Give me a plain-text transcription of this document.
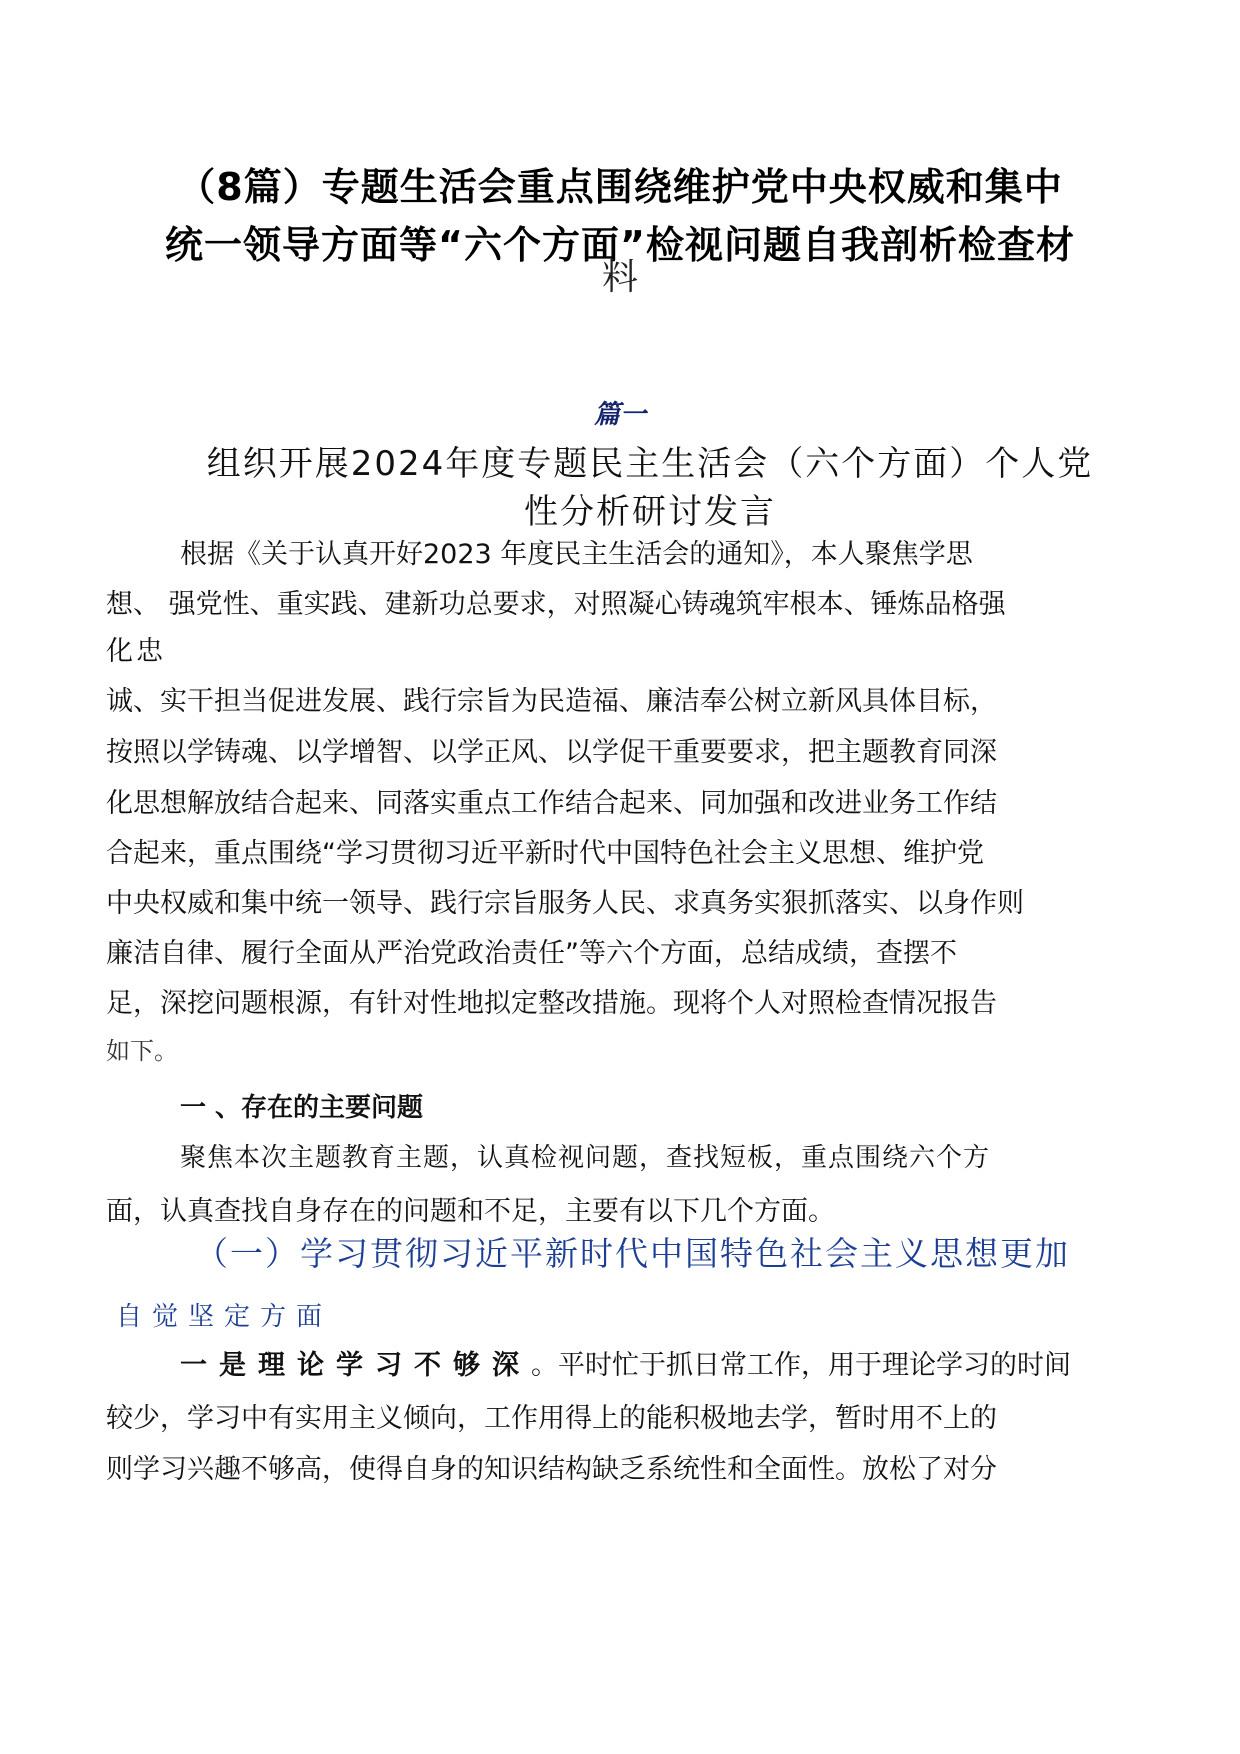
（8篇）专题生活会重点围绕维护党中央权威和集中
统一领导方面等“六个方面”检视问题自我剖析检查材
料
篇一
组织开展2024年度专题民主生活会（六个方面）个人党
性分析研讨发言
根据《关于认真开好2023 年度民主生活会的通知》，本人聚焦学思
想、 强党性、重实践、建新功总要求，对照凝心铸魂筑牢根本、锤炼品格强
化忠
诚、实干担当促进发展、践行宗旨为民造福、廉洁奉公树立新风具体目标，
按照以学铸魂、以学增智、以学正风、以学促干重要要求，把主题教育同深
化思想解放结合起来、同落实重点工作结合起来、同加强和改进业务工作结
合起来，重点围绕“学习贯彻习近平新时代中国特色社会主义思想、维护党
中央权威和集中统一领导、践行宗旨服务人民、求真务实狠抓落实、以身作则
廉洁自律、履行全面从严治党政治责任”等六个方面，总结成绩，查摆不
足，深挖问题根源，有针对性地拟定整改措施。现将个人对照检查情况报告
如下。
一 、存在的主要问题
聚焦本次主题教育主题，认真检视问题，查找短板，重点围绕六个方
面，认真查找自身存在的问题和不足，主要有以下几个方面。
（一）学习贯彻习近平新时代中国特色社会主义思想更加
自觉坚定方面
一是理论学习不够深。平时忙于抓日常工作，用于理论学习的时间
较少，学习中有实用主义倾向，工作用得上的能积极地去学，暂时用不上的
则学习兴趣不够高，使得自身的知识结构缺乏系统性和全面性。放松了对分
